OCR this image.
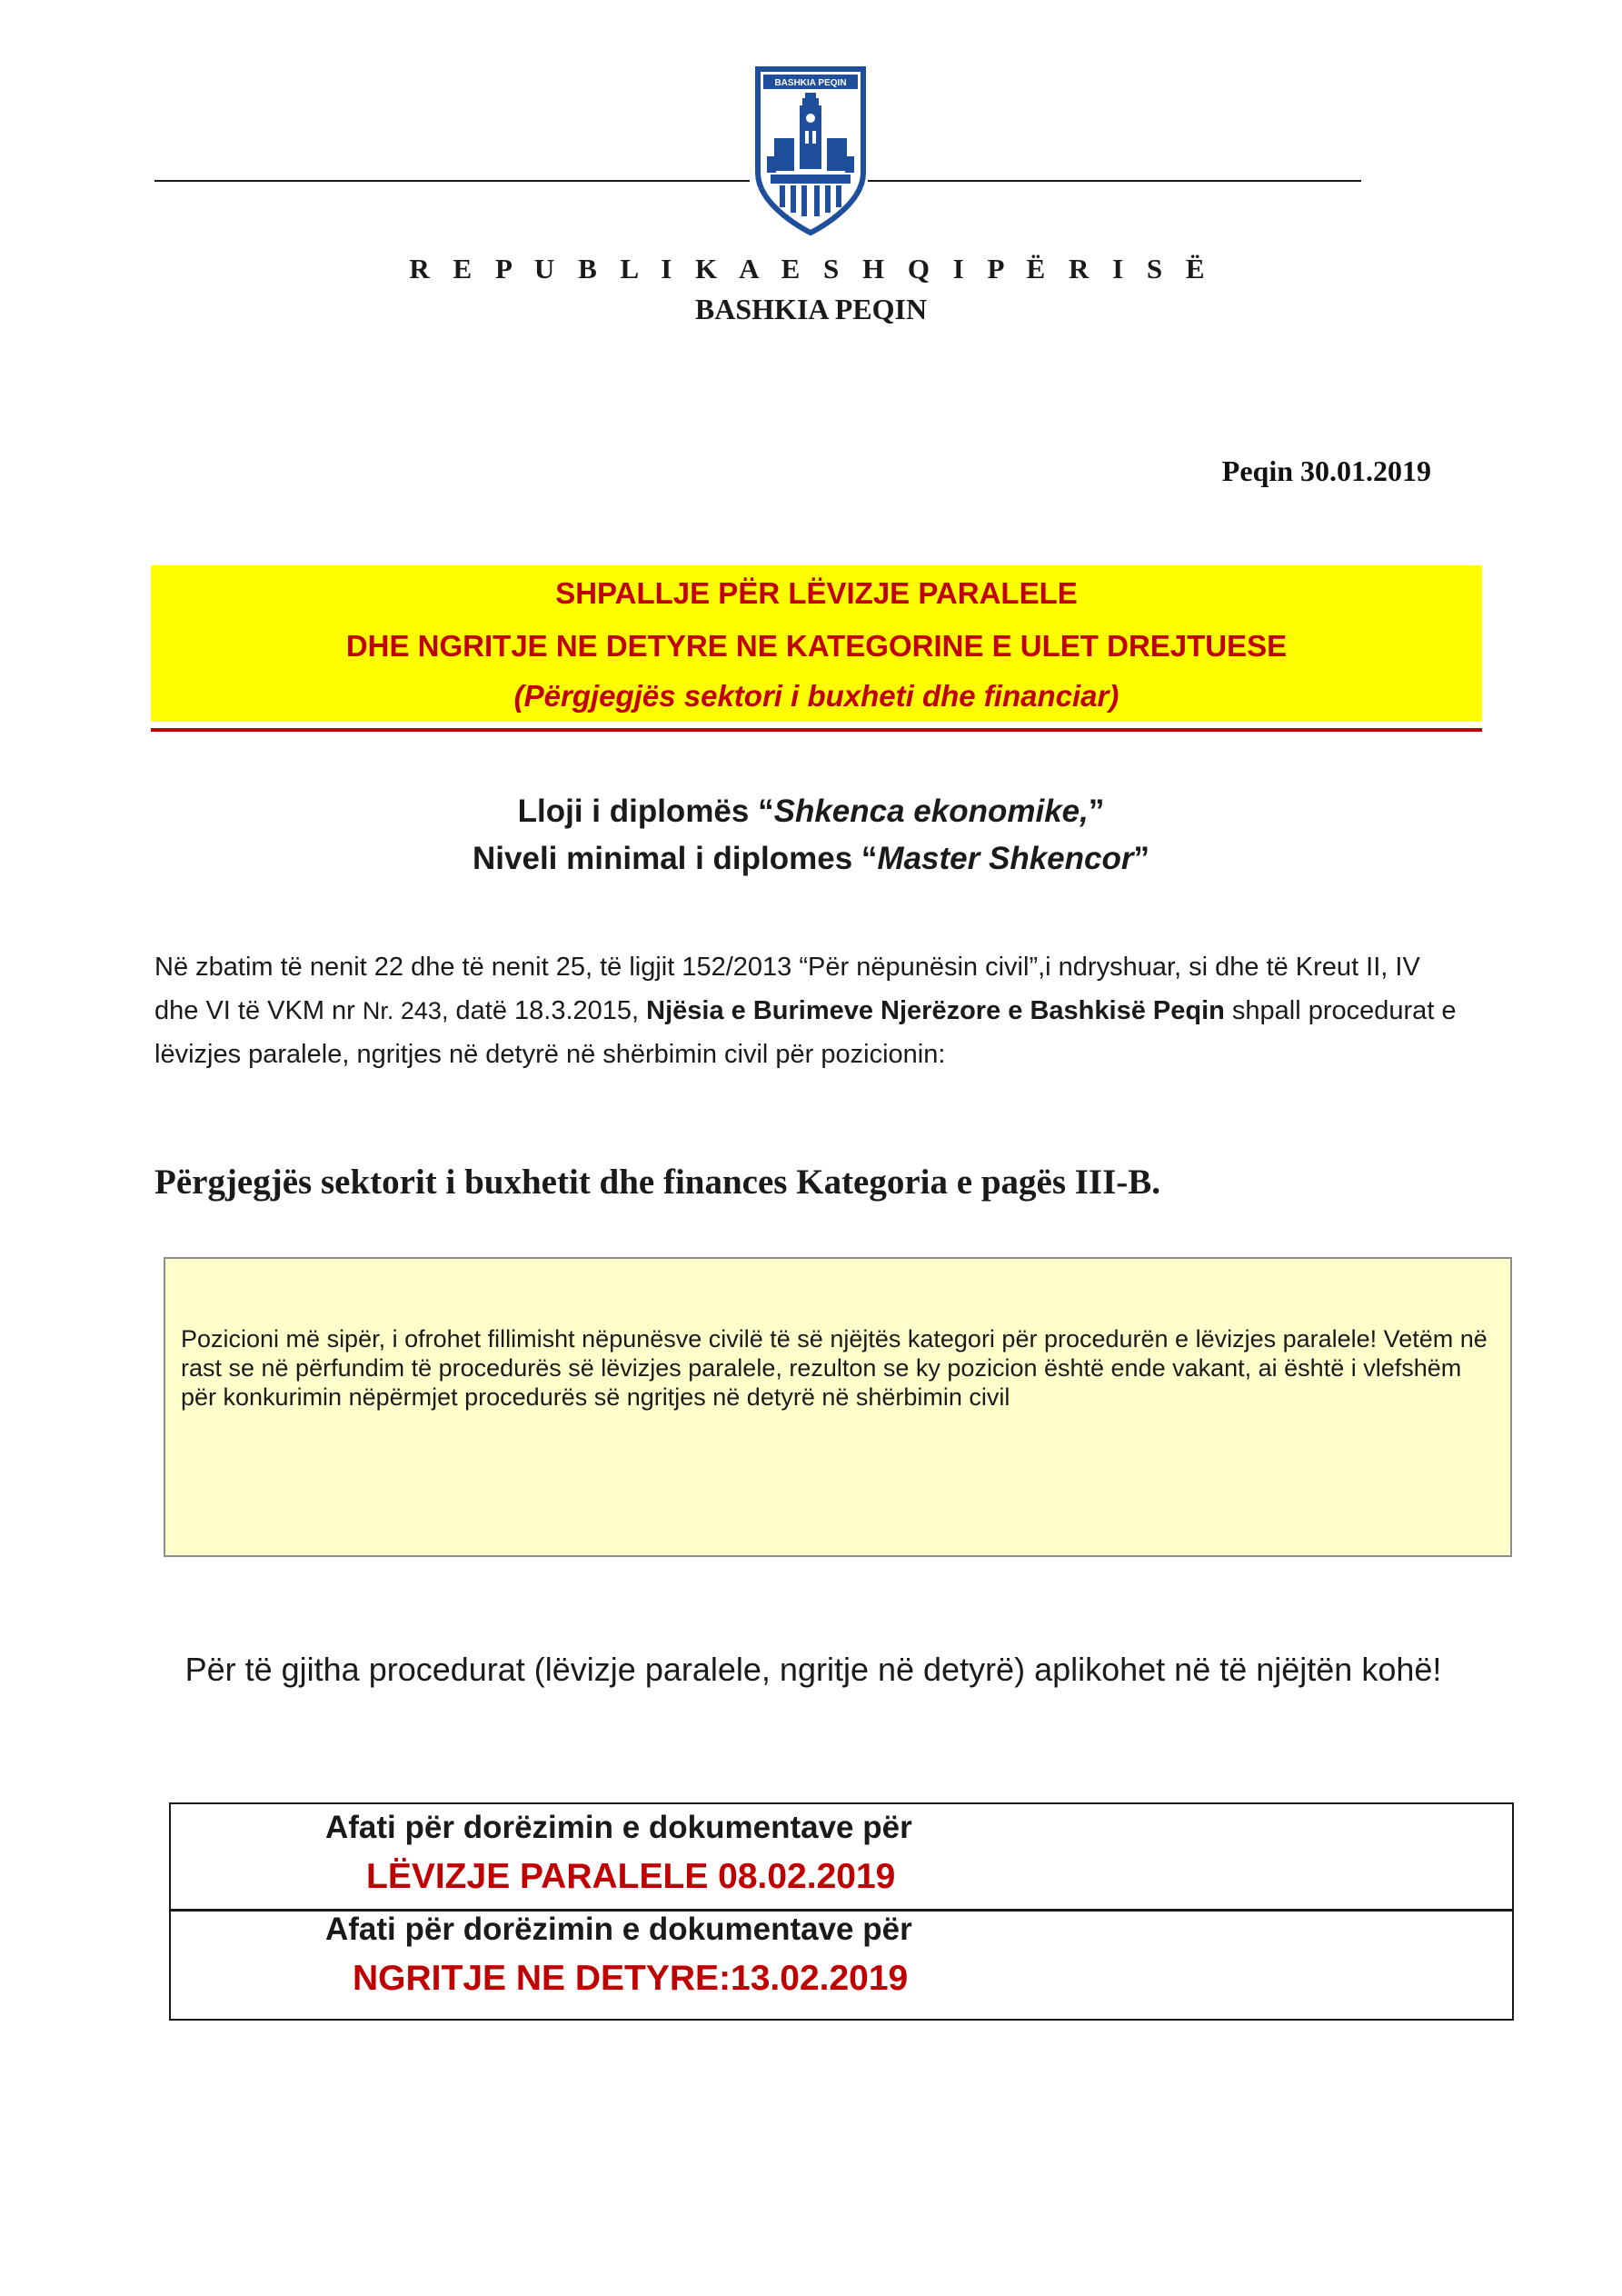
BASHKIA PEQIN
R E P U B L I K A E S H Q I P Ë R I S Ë
BASHKIA PEQIN
Peqin 30.01.2019
SHPALLJE PËR LËVIZJE PARALELE
DHE NGRITJE NE DETYRE NE KATEGORINE E ULET DREJTUESE
(Përgjegjës sektori i buxheti dhe financiar)
Lloji i diplomës “Shkenca ekonomike,”
Niveli minimal i diplomes “Master Shkencor”
Në zbatim të nenit 22 dhe të nenit 25, të ligjit 152/2013 “Për nëpunësin civil”,i ndryshuar, si dhe të Kreut II, IV dhe VI të VKM nr Nr. 243, datë 18.3.2015, Njësia e Burimeve Njerëzore e Bashkisë Peqin shpall procedurat e lëvizjes paralele, ngritjes në detyrë në shërbimin civil për pozicionin:
Përgjegjës sektorit i buxhetit dhe finances Kategoria e pagës III-B.
Pozicioni më sipër, i ofrohet fillimisht nëpunësve civilë të së njëjtës kategori për procedurën e lëvizjes paralele! Vetëm në rast se në përfundim të procedurës së lëvizjes paralele, rezulton se ky pozicion është ende vakant, ai është i vlefshëm për konkurimin nëpërmjet procedurës së ngritjes në detyrë në shërbimin civil
Për të gjitha procedurat (lëvizje paralele, ngritje në detyrë) aplikohet në të njëjtën kohë!
Afati për dorëzimin e dokumentave për
LËVIZJE PARALELE 08.02.2019
Afati për dorëzimin e dokumentave për
NGRITJE NE DETYRE:13.02.2019
